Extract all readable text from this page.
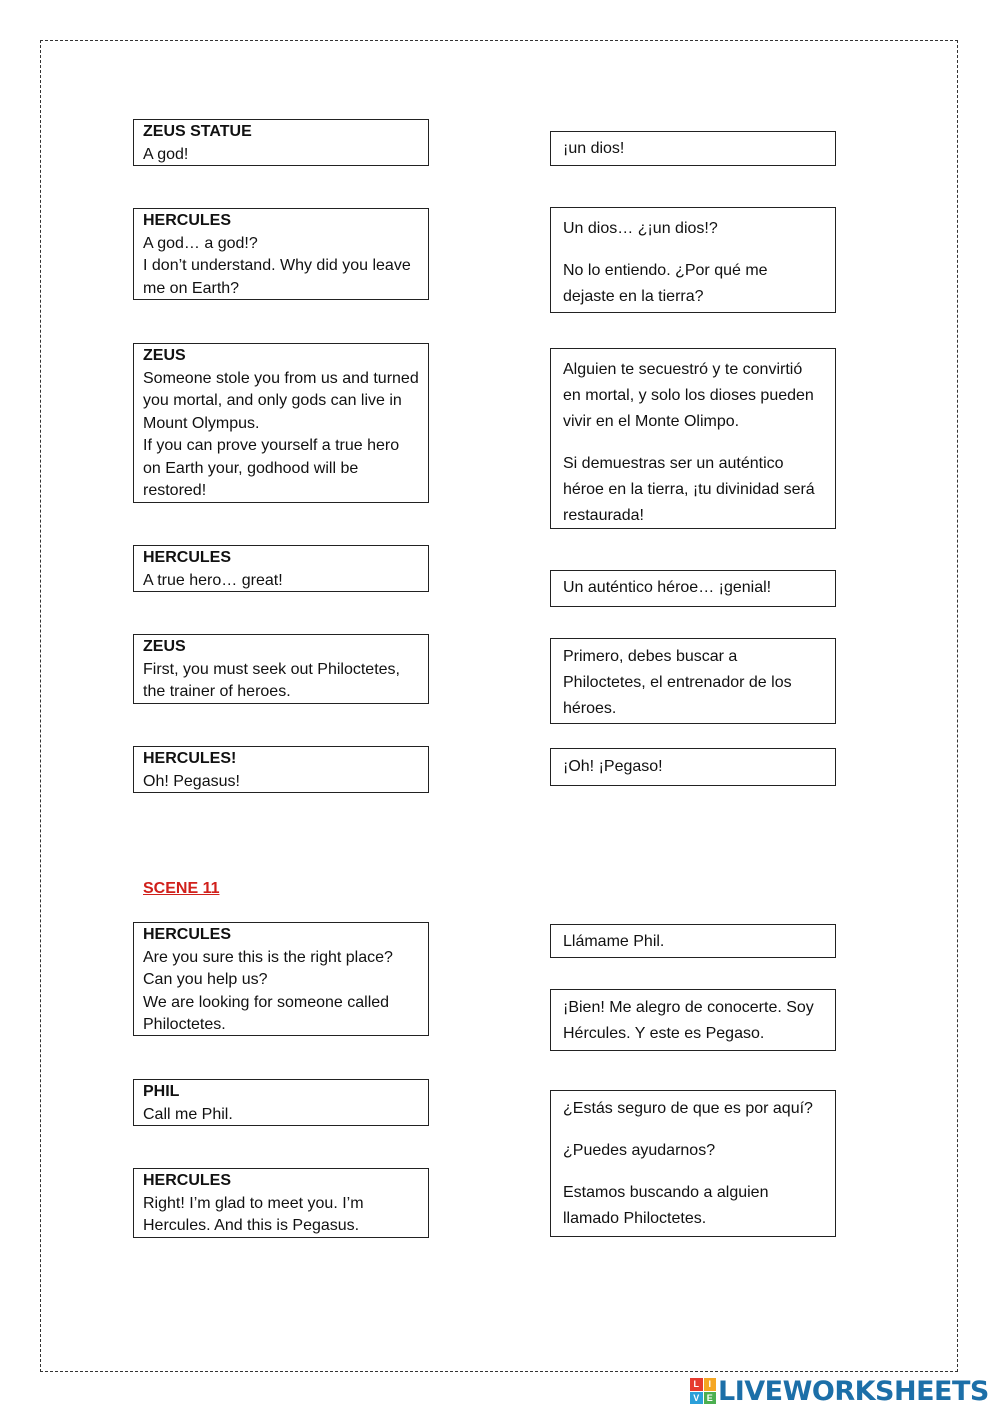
ZEUS STATUE
A god!
HERCULES
A god… a god!?
I don’t understand. Why did you leave me on Earth?
ZEUS
Someone stole you from us and turned you mortal, and only gods can live in Mount Olympus.
If you can prove yourself a true hero on Earth your, godhood will be restored!
HERCULES
A true hero… great!
ZEUS
First, you must seek out Philoctetes, the trainer of heroes.
HERCULES!
Oh! Pegasus!
SCENE 11
HERCULES
Are you sure this is the right place?
Can you help us?
We are looking for someone called Philoctetes.
PHIL
Call me Phil.
HERCULES
Right! I’m glad to meet you. I’m Hercules. And this is Pegasus.
¡un dios!
Un dios… ¿¡un dios!?
No lo entiendo. ¿Por qué me dejaste en la tierra?
Alguien te secuestró y te convirtió en mortal, y solo los dioses pueden vivir en el Monte Olimpo.
Si demuestras ser un auténtico héroe en la tierra, ¡tu divinidad será restaurada!
Un auténtico héroe… ¡genial!
Primero, debes buscar a Philoctetes, el entrenador de los héroes.
¡Oh! ¡Pegaso!
Llámame Phil.
¡Bien! Me alegro de conocerte. Soy Hércules. Y este es Pegaso.
¿Estás seguro de que es por aquí?
¿Puedes ayudarnos?
Estamos buscando a alguien llamado Philoctetes.
L	I
V E LIVEWORKSHEETS
